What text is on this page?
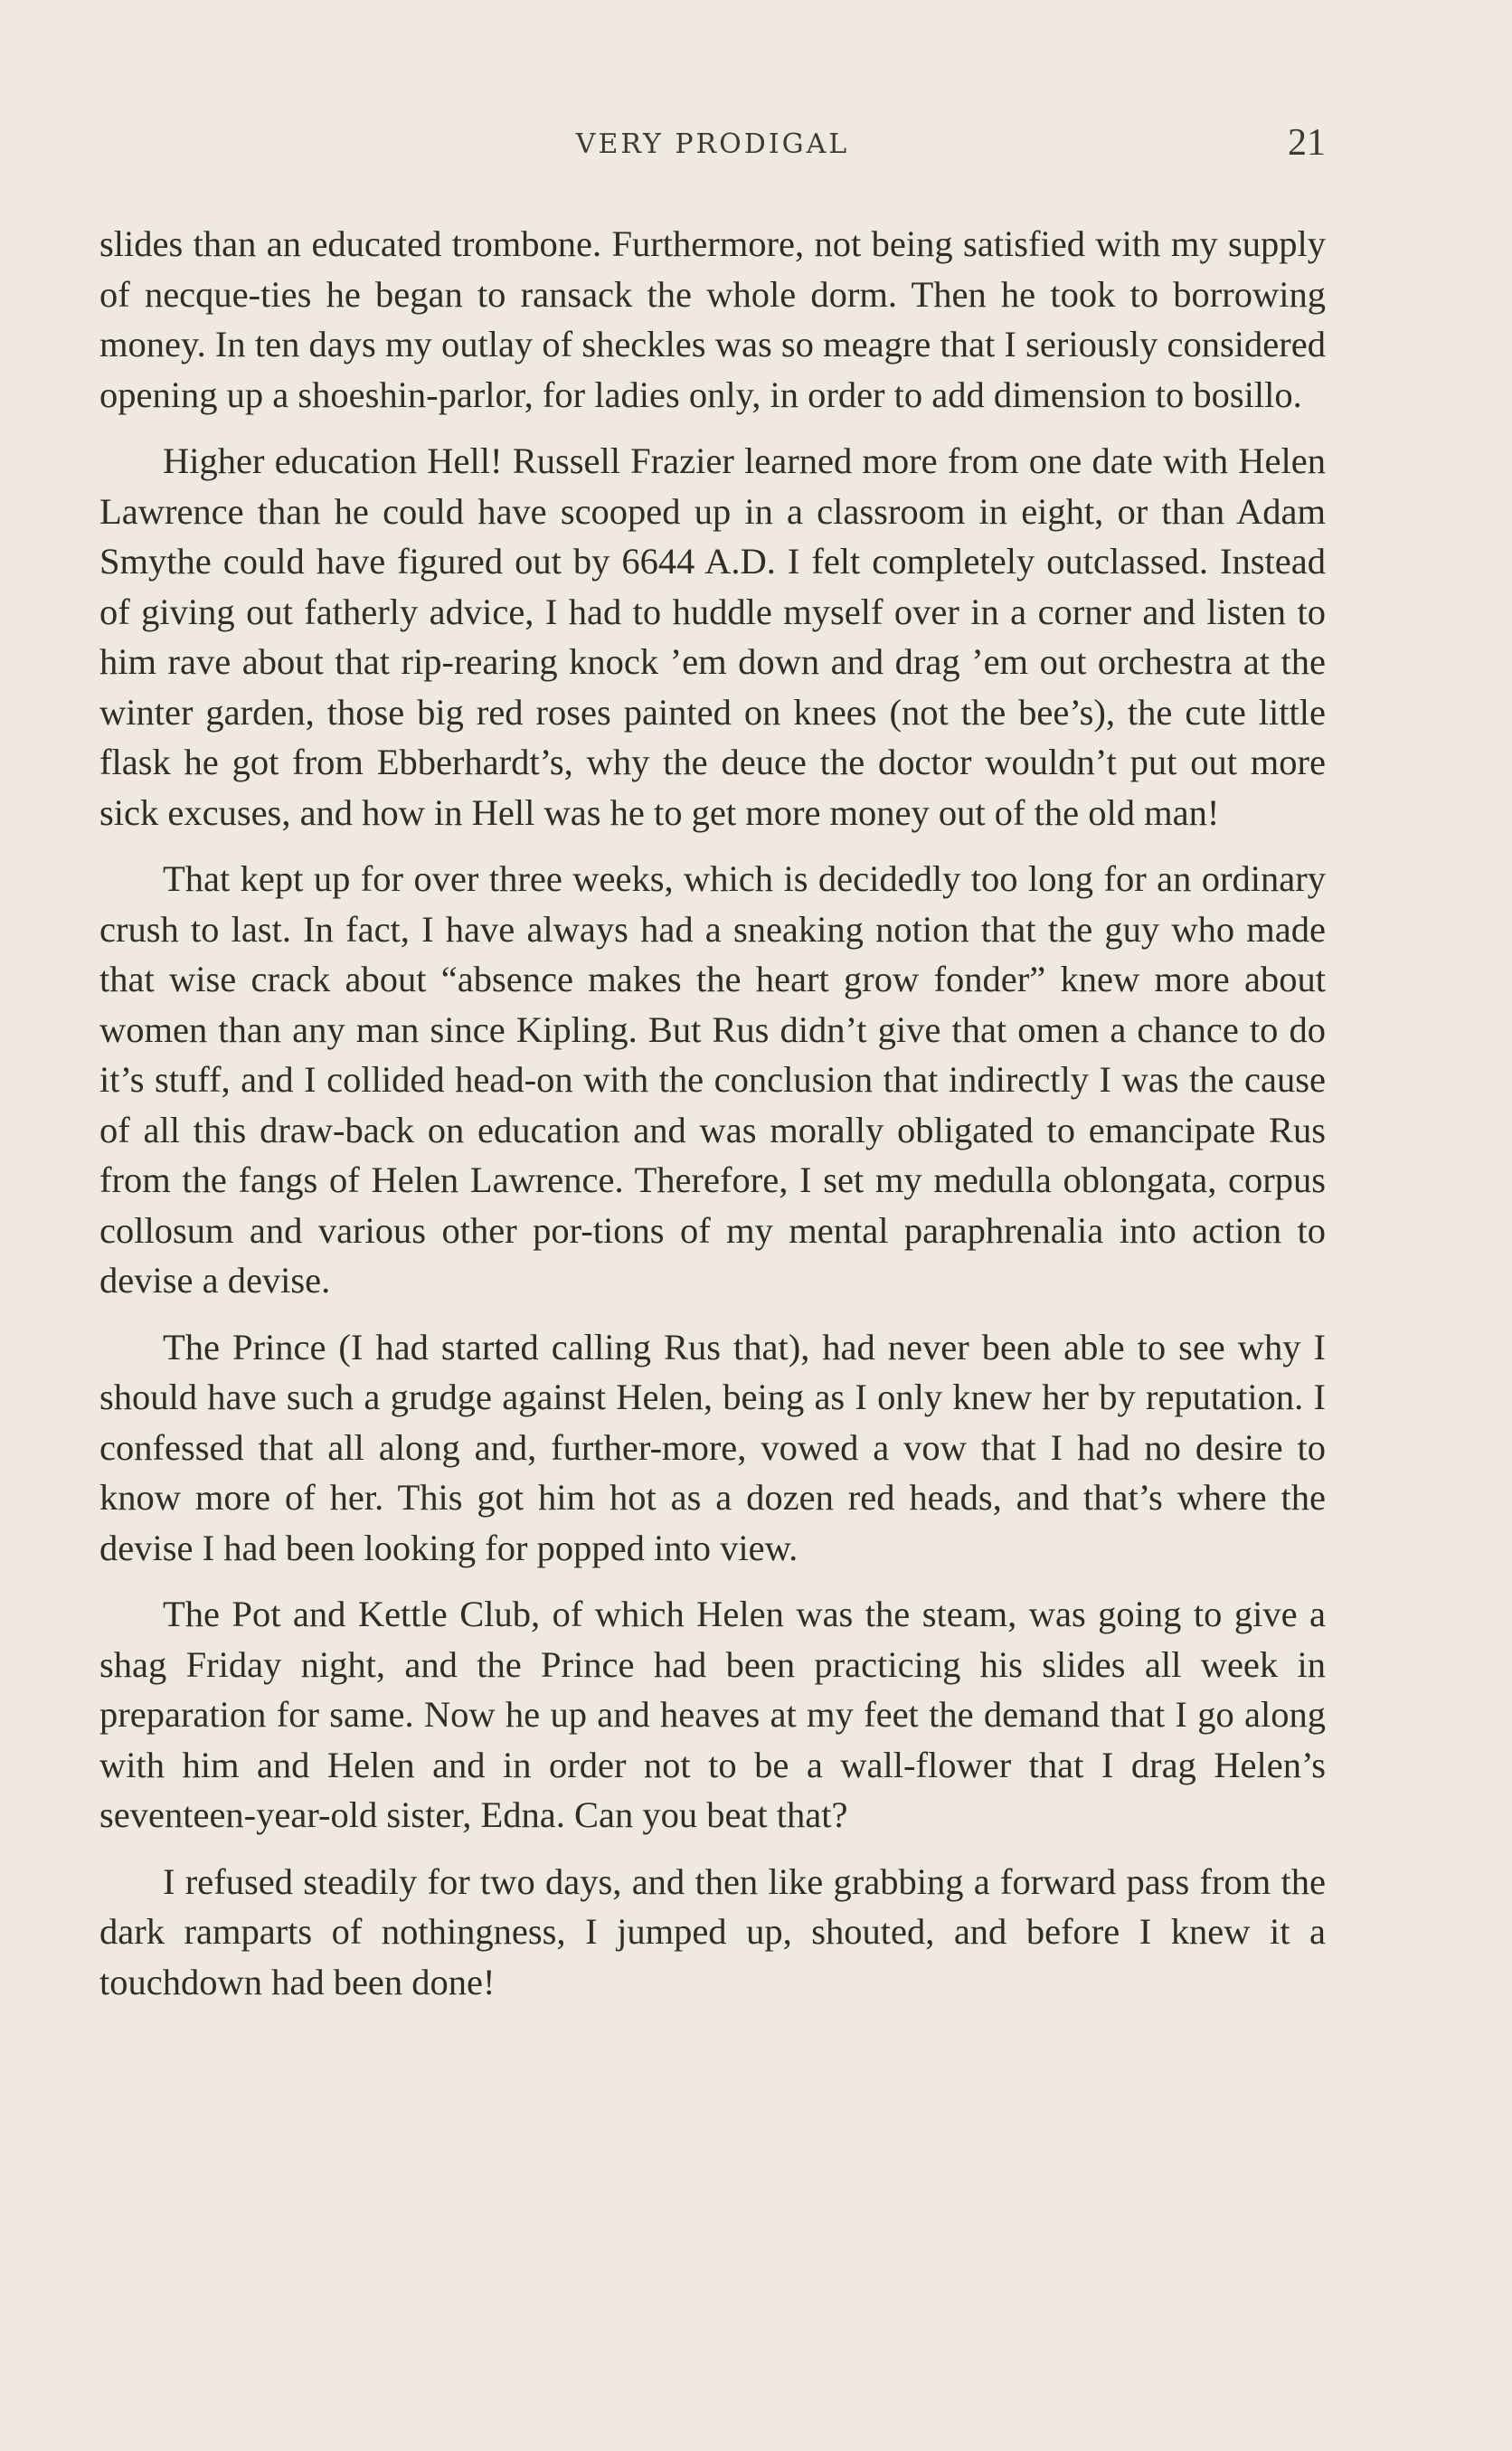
VERY PRODIGAL	21

slides than an educated trombone. Furthermore, not being satisfied with my supply of necque-ties he began to ransack the whole dorm. Then he took to borrowing money. In ten days my outlay of sheckles was so meagre that I seriously considered opening up a shoeshin-parlor, for ladies only, in order to add dimension to bosillo.

Higher education Hell! Russell Frazier learned more from one date with Helen Lawrence than he could have scooped up in a classroom in eight, or than Adam Smythe could have figured out by 6644 A.D. I felt completely outclassed. Instead of giving out fatherly advice, I had to huddle myself over in a corner and listen to him rave about that rip-rearing knock ’em down and drag ’em out orchestra at the winter garden, those big red roses painted on knees (not the bee’s), the cute little flask he got from Ebberhardt’s, why the deuce the doctor wouldn’t put out more sick excuses, and how in Hell was he to get more money out of the old man!

That kept up for over three weeks, which is decidedly too long for an ordinary crush to last. In fact, I have always had a sneaking notion that the guy who made that wise crack about “absence makes the heart grow fonder” knew more about women than any man since Kipling. But Rus didn’t give that omen a chance to do it’s stuff, and I collided head-on with the conclusion that indirectly I was the cause of all this draw-back on education and was morally obligated to emancipate Rus from the fangs of Helen Lawrence. Therefore, I set my medulla oblongata, corpus collosum and various other por-tions of my mental paraphrenalia into action to devise a devise.

The Prince (I had started calling Rus that), had never been able to see why I should have such a grudge against Helen, being as I only knew her by reputation. I confessed that all along and, further-more, vowed a vow that I had no desire to know more of her. This got him hot as a dozen red heads, and that’s where the devise I had been looking for popped into view.

The Pot and Kettle Club, of which Helen was the steam, was going to give a shag Friday night, and the Prince had been practicing his slides all week in preparation for same. Now he up and heaves at my feet the demand that I go along with him and Helen and in order not to be a wall-flower that I drag Helen’s seventeen-year-old sister, Edna. Can you beat that?

I refused steadily for two days, and then like grabbing a forward pass from the dark ramparts of nothingness, I jumped up, shouted, and before I knew it a touchdown had been done!
